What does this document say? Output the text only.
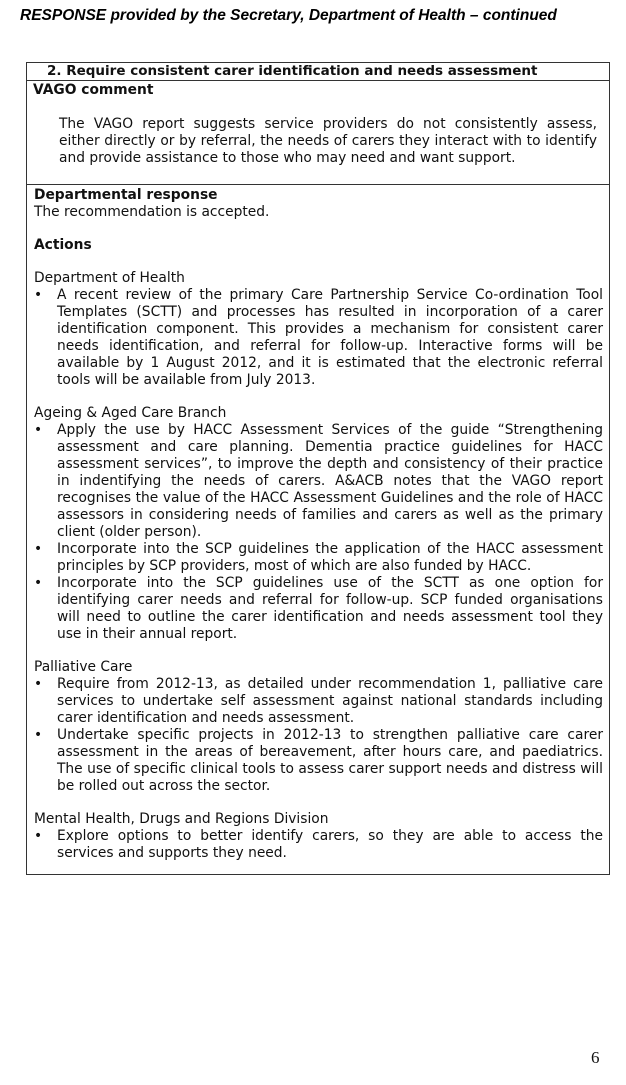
RESPONSE provided by the Secretary, Department of Health – continued
2. Require consistent carer identification and needs assessment
VAGO comment
The VAGO report suggests service providers do not consistently assess, either directly or by referral, the needs of carers they interact with to identify and provide assistance to those who may need and want support.
Departmental response
The recommendation is accepted.
Actions
Department of Health
• A recent review of the primary Care Partnership Service Co-ordination Tool Templates (SCTT) and processes has resulted in incorporation of a carer identification component. This provides a mechanism for consistent carer needs identification, and referral for follow-up. Interactive forms will be available by 1 August 2012, and it is estimated that the electronic referral tools will be available from July 2013.
Ageing & Aged Care Branch
• Apply the use by HACC Assessment Services of the guide “Strengthening assessment and care planning. Dementia practice guidelines for HACC assessment services”, to improve the depth and consistency of their practice in indentifying the needs of carers. A&ACB notes that the VAGO report recognises the value of the HACC Assessment Guidelines and the role of HACC assessors in considering needs of families and carers as well as the primary client (older person).
• Incorporate into the SCP guidelines the application of the HACC assessment principles by SCP providers, most of which are also funded by HACC.
• Incorporate into the SCP guidelines use of the SCTT as one option for identifying carer needs and referral for follow-up. SCP funded organisations will need to outline the carer identification and needs assessment tool they use in their annual report.
Palliative Care
• Require from 2012-13, as detailed under recommendation 1, palliative care services to undertake self assessment against national standards including carer identification and needs assessment.
• Undertake specific projects in 2012-13 to strengthen palliative care carer assessment in the areas of bereavement, after hours care, and paediatrics. The use of specific clinical tools to assess carer support needs and distress will be rolled out across the sector.
Mental Health, Drugs and Regions Division
• Explore options to better identify carers, so they are able to access the services and supports they need.
6
